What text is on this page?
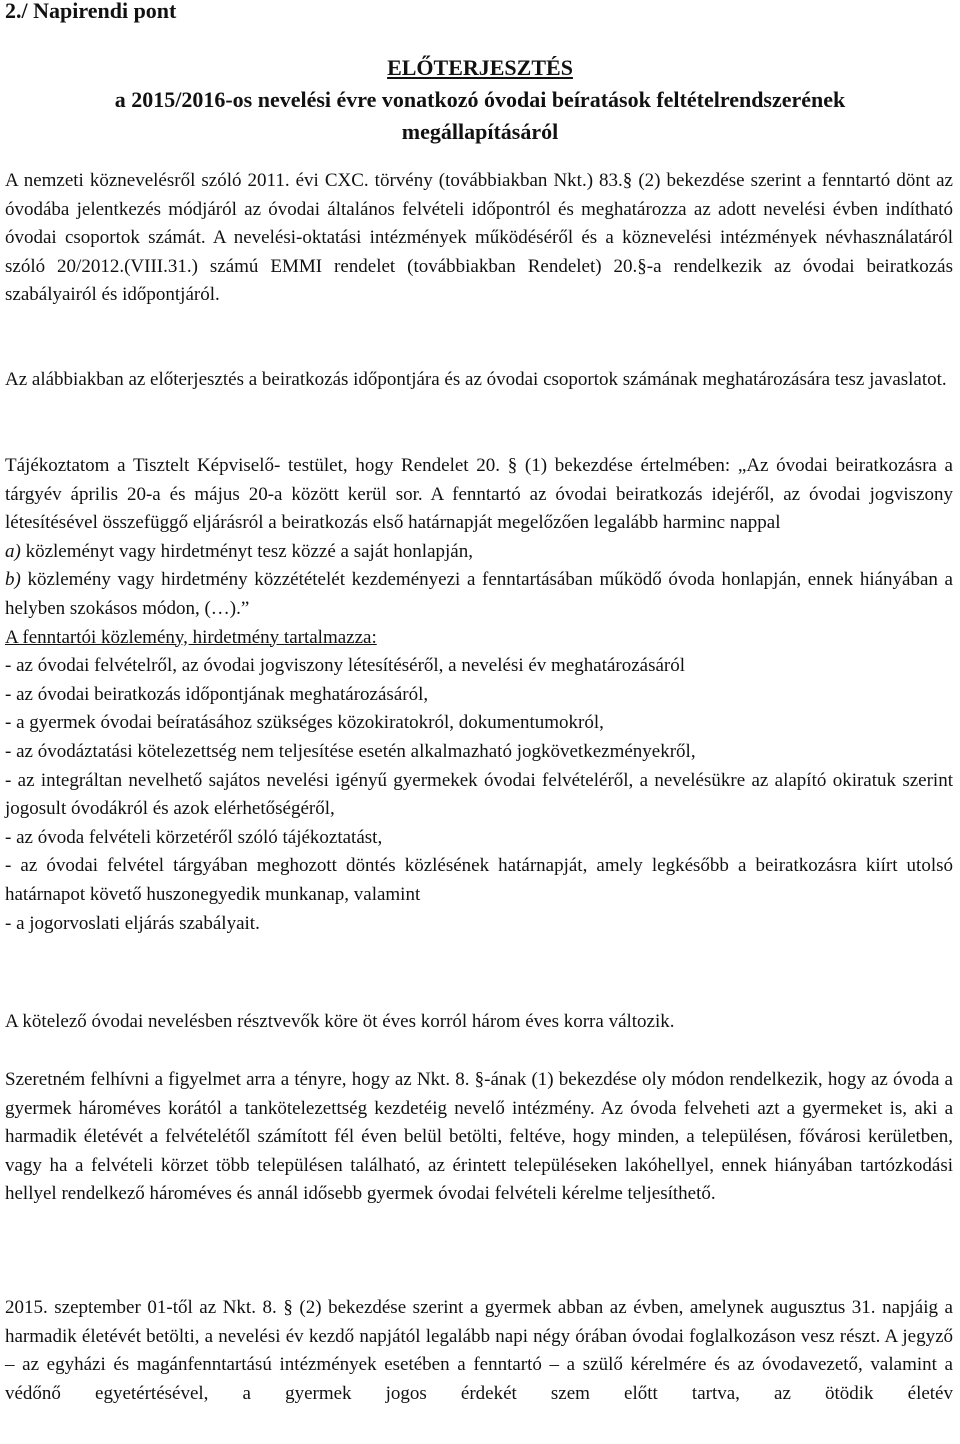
2./ Napirendi pont
ELŐTERJESZTÉS
a 2015/2016-os nevelési évre vonatkozó óvodai beíratások feltételrendszerének
megállapításáról

A nemzeti köznevelésről szóló 2011. évi CXC. törvény (továbbiakban Nkt.) 83.§ (2) bekezdése szerint a fenntartó dönt az óvodába jelentkezés módjáról az óvodai általános felvételi időpontról és meghatározza az adott nevelési évben indítható óvodai csoportok számát. A nevelési-oktatási intézmények működéséről és a köznevelési intézmények névhasználatáról szóló 20/2012.(VIII.31.) számú EMMI rendelet (továbbiakban Rendelet) 20.§-a rendelkezik az óvodai beiratkozás szabályairól és időpontjáról.

Az alábbiakban az előterjesztés a beiratkozás időpontjára és az óvodai csoportok számának meghatározására tesz javaslatot.

Tájékoztatom a Tisztelt Képviselő- testület, hogy Rendelet 20. § (1) bekezdése értelmében: „Az óvodai beiratkozásra a tárgyév április 20-a és május 20-a között kerül sor. A fenntartó az óvodai beiratkozás idejéről, az óvodai jogviszony létesítésével összefüggő eljárásról a beiratkozás első határnapját megelőzően legalább harminc nappal

a) közleményt vagy hirdetményt tesz közzé a saját honlapján,

b) közlemény vagy hirdetmény közzétételét kezdeményezi a fenntartásában működő óvoda honlapján, ennek hiányában a helyben szokásos módon, (…).”

A fenntartói közlemény, hirdetmény tartalmazza:

- az óvodai felvételről, az óvodai jogviszony létesítéséről, a nevelési év meghatározásáról

- az óvodai beiratkozás időpontjának meghatározásáról,

- a gyermek óvodai beíratásához szükséges közokiratokról, dokumentumokról,

- az óvodáztatási kötelezettség nem teljesítése esetén alkalmazható jogkövetkezményekről,

- az integráltan nevelhető sajátos nevelési igényű gyermekek óvodai felvételéről, a nevelésükre az alapító okiratuk szerint jogosult óvodákról és azok elérhetőségéről,

- az óvoda felvételi körzetéről szóló tájékoztatást,

- az óvodai felvétel tárgyában meghozott döntés közlésének határnapját, amely legkésőbb a beiratkozásra kiírt utolsó határnapot követő huszonegyedik munkanap, valamint

- a jogorvoslati eljárás szabályait.

A kötelező óvodai nevelésben résztvevők köre öt éves korról három éves korra változik.

Szeretném felhívni a figyelmet arra a tényre, hogy az Nkt. 8. §-ának (1) bekezdése oly módon rendelkezik, hogy az óvoda a gyermek hároméves korától a tankötelezettség kezdetéig nevelő intézmény. Az óvoda felveheti azt a gyermeket is, aki a harmadik életévét a felvételétől számított fél éven belül betölti, feltéve, hogy minden, a településen, fővárosi kerületben, vagy ha a felvételi körzet több településen található, az érintett településeken lakóhellyel, ennek hiányában tartózkodási hellyel rendelkező hároméves és annál idősebb gyermek óvodai felvételi kérelme teljesíthető.

2015. szeptember 01-től az Nkt. 8. § (2) bekezdése szerint a gyermek abban az évben, amelynek augusztus 31. napjáig a harmadik életévét betölti, a nevelési év kezdő napjától legalább napi négy órában óvodai foglalkozáson vesz részt. A jegyző – az egyházi és magánfenntartású intézmények esetében a fenntartó – a szülő kérelmére és az óvodavezető, valamint a védőnő egyetértésével, a gyermek jogos érdekét szem előtt tartva, az ötödik életév
